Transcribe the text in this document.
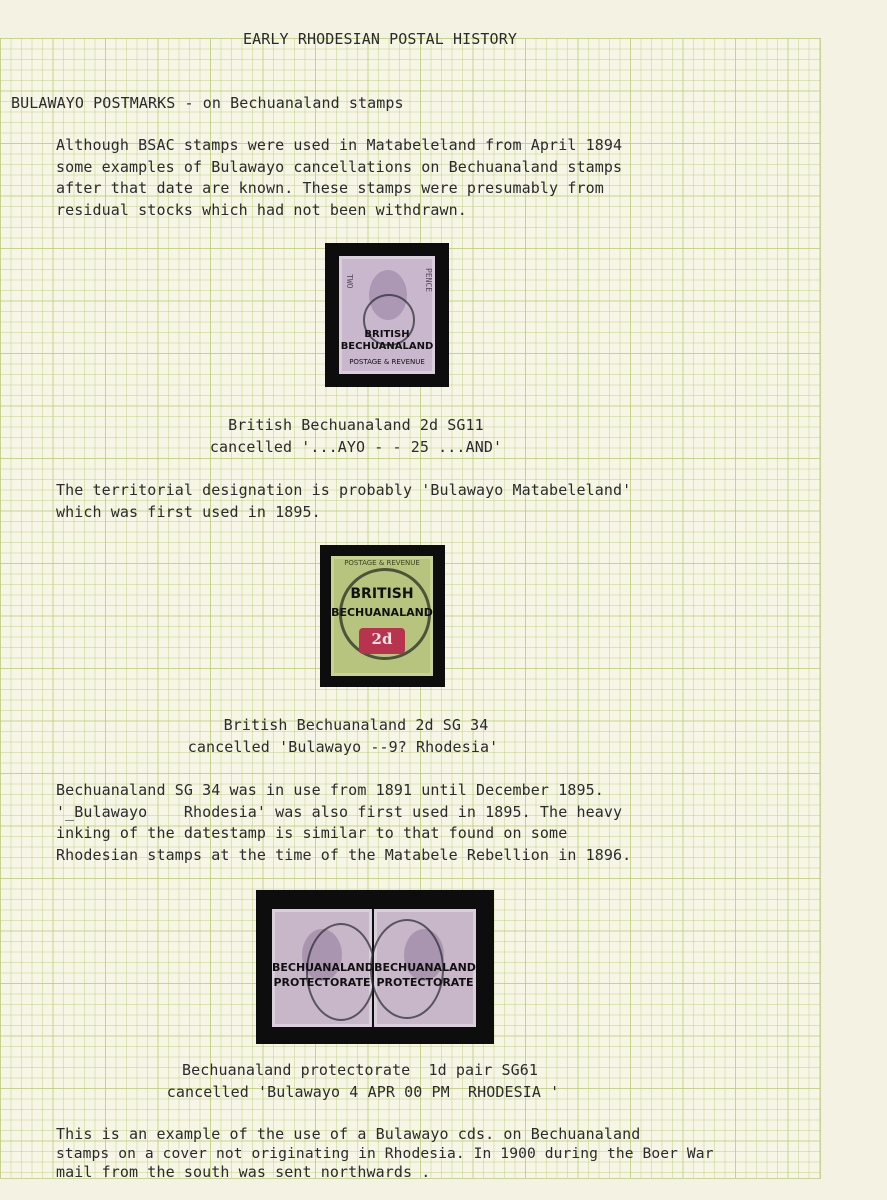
EARLY RHODESIAN POSTAL HISTORY
BULAWAYO POSTMARKS - on Bechuanaland stamps
Although BSAC stamps were used in Matabeleland from April 1894
some examples of Bulawayo cancellations on Bechuanaland stamps
after that date are known. These stamps were presumably from
residual stocks which had not been withdrawn.
TWO	PENCE
BRITISH
BECHUANALAND
POSTAGE & REVENUE
British Bechuanaland 2d SG11
cancelled '...AYO - - 25 ...AND'
The territorial designation is probably 'Bulawayo Matabeleland'
which was first used in 1895.
POSTAGE & REVENUE
BRITISH
BECHUANALAND
2d
British Bechuanaland 2d SG 34
cancelled 'Bulawayo --9? Rhodesia'
Bechuanaland SG 34 was in use from 1891 until December 1895.
'_Bulawayo    Rhodesia' was also first used in 1895. The heavy
inking of the datestamp is similar to that found on some
Rhodesian stamps at the time of the Matabele Rebellion in 1896.
BECHUANALAND
PROTECTORATE
BECHUANALAND
PROTECTORATE
Bechuanaland protectorate  1d pair SG61
cancelled 'Bulawayo 4 APR 00 PM  RHODESIA '
This is an example of the use of a Bulawayo cds. on Bechuanaland
stamps on a cover not originating in Rhodesia. In 1900 during the Boer War
mail from the south was sent northwards .
